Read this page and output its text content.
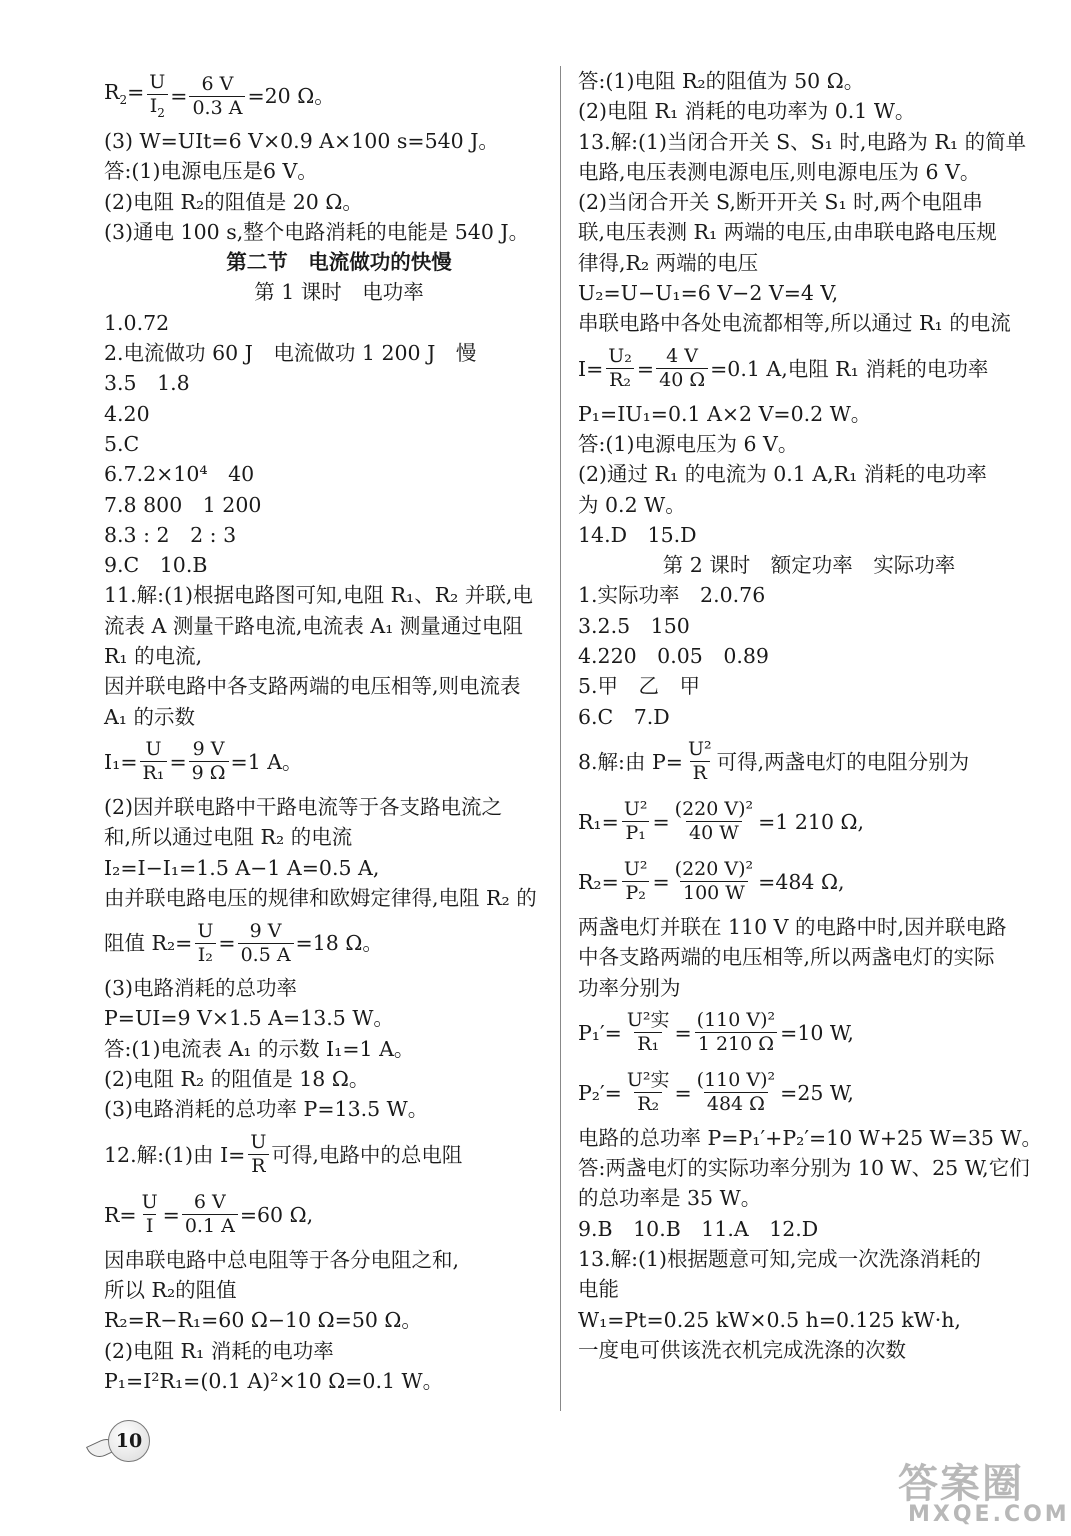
$R_2= \frac{U}{I_2} = \frac{6 V}{0.3 A} =20$ Ω。
(3) W=UIt=6 V×0.9 A×100 s=540 J。
答:(1)电源电压是6 V。
(2)电阻 R₂的阻值是 20 Ω。
(3)通电 100 s,整个电路消耗的电能是 540 J。
第二节　电流做功的快慢
第 1 课时　电功率
1.0.72
2.电流做功 60 J　电流做功 1 200 J　慢
3.5　1.8
4.20
5.C
6.7.2×10⁴　40
7.8 800　1 200
8.3 : 2　2 : 3
9.C　10.B
11.解:(1)根据电路图可知,电阻 R₁、R₂ 并联,电
流表 A 测量干路电流,电流表 A₁ 测量通过电阻
R₁ 的电流,
因并联电路中各支路两端的电压相等,则电流表
A₁ 的示数
$I_1= \frac{U}{\text{R₁}} = \frac{9 V}{9 \Omega} =1$ A。
(2)因并联电路中干路电流等于各支路电流之
和,所以通过电阻 R₂ 的电流
I₂=I−I₁=1.5 A−1 A=0.5 A,
由并联电路电压的规律和欧姆定律得,电阻 R₂ 的
阻值 $R_2= \frac{U}{\text{I₂}} = \frac{9 V}{0.5 A} =18$ Ω。
(3)电路消耗的总功率
P=UI=9 V×1.5 A=13.5 W。
答:(1)电流表 A₁ 的示数 I₁=1 A。
(2)电阻 R₂ 的阻值是 18 Ω。
(3)电路消耗的总功率 P=13.5 W。
12.解:(1)由 $I= \frac{U}{R}$ 可得,电路中的总电阻
$R= \frac{U}{I} = \frac{6 V}{0.1 A} =60$ Ω,
因串联电路中总电阻等于各分电阻之和,
所以 R₂的阻值
R₂=R−R₁=60 Ω−10 Ω=50 Ω。
(2)电阻 R₁ 消耗的电功率
P₁=I²R₁=(0.1 A)²×10 Ω=0.1 W。
答:(1)电阻 R₂的阻值为 50 Ω。
(2)电阻 R₁ 消耗的电功率为 0.1 W。
13.解:(1)当闭合开关 S、S₁ 时,电路为 R₁ 的简单
电路,电压表测电源电压,则电源电压为 6 V。
(2)当闭合开关 S,断开开关 S₁ 时,两个电阻串
联,电压表测 R₁ 两端的电压,由串联电路电压规
律得,R₂ 两端的电压
U₂=U−U₁=6 V−2 V=4 V,
串联电路中各处电流都相等,所以通过 R₁ 的电流
$I= \frac{\text{U₂}}{\text{R₂}} = \frac{4 V}{40 \Omega} =0.1$ A,电阻 R₁ 消耗的电功率
P₁=IU₁=0.1 A×2 V=0.2 W。
答:(1)电源电压为 6 V。
(2)通过 R₁ 的电流为 0.1 A,R₁ 消耗的电功率
为 0.2 W。
14.D　15.D
第 2 课时　额定功率　实际功率
1.实际功率　2.0.76
3.2.5　150
4.220　0.05　0.89
5.甲　乙　甲
6.C　7.D
8.解:由 $P= \frac{\text{U²}}{R}$ 可得,两盏电灯的电阻分别为
$R_1= \frac{\text{U²}}{\text{P₁}} = \frac{\text{(220 V)²}}{40 W} =1$ 210 Ω,
$R_2= \frac{\text{U²}}{\text{P₂}} = \frac{\text{(220 V)²}}{100 W} =484$ Ω,
两盏电灯并联在 110 V 的电路中时,因并联电路
中各支路两端的电压相等,所以两盏电灯的实际
功率分别为
$P_1'= \frac{\text{U²实}}{\text{R₁}} = \frac{\text{(110 V)²}}{1 210 \Omega} =10$ W,
$P_2'= \frac{\text{U²实}}{\text{R₂}} = \frac{\text{(110 V)²}}{484 \Omega} =25$ W,
电路的总功率 P=P₁′+P₂′=10 W+25 W=35 W。
答:两盏电灯的实际功率分别为 10 W、25 W,它们
的总功率是 35 W。
9.B　10.B　11.A　12.D
13.解:(1)根据题意可知,完成一次洗涤消耗的
电能
W₁=Pt=0.25 kW×0.5 h=0.125 kW·h,
一度电可供该洗衣机完成洗涤的次数
10
答案圈
MXQE.COM
